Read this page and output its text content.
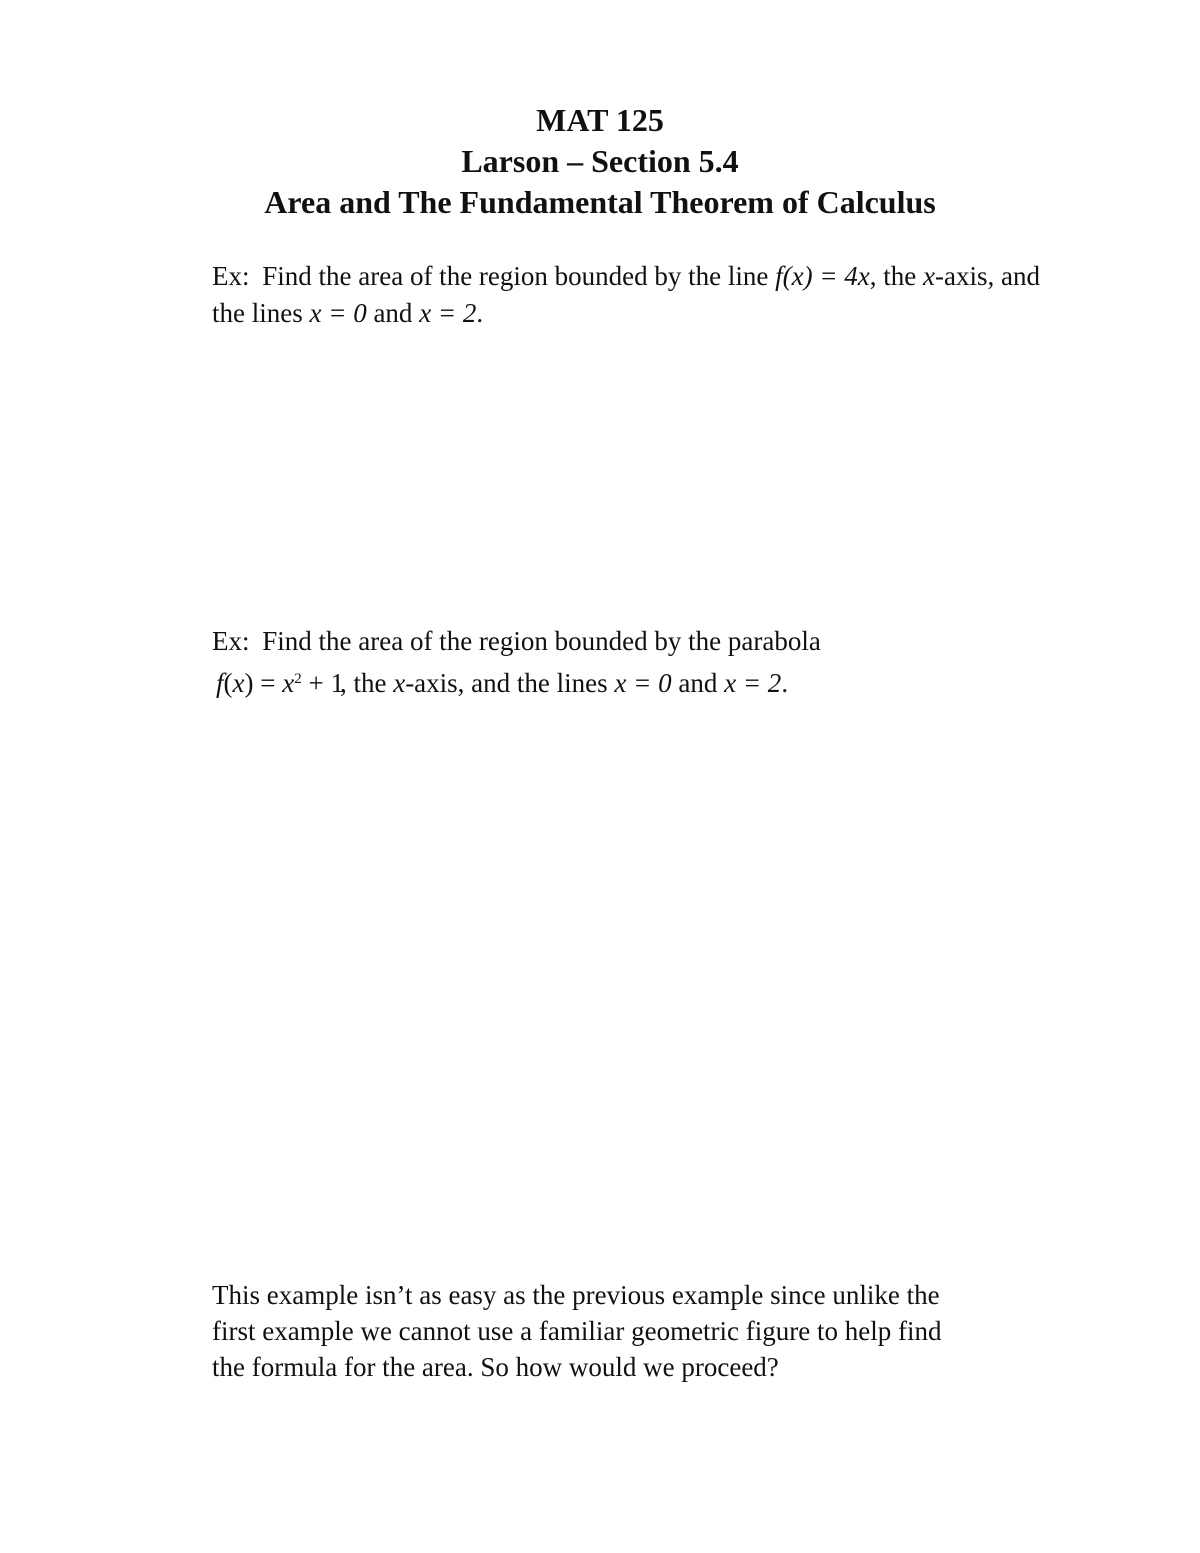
MAT 125
Larson – Section 5.4
Area and The Fundamental Theorem of Calculus
Ex: Find the area of the region bounded by the line f(x) = 4x, the x-axis, and
the lines x = 0 and x = 2.
Ex: Find the area of the region bounded by the parabola
$f(x) = x^2 + 1$, the x-axis, and the lines x = 0 and x = 2.
This example isn’t as easy as the previous example since unlike the
first example we cannot use a familiar geometric figure to help find
the formula for the area. So how would we proceed?
